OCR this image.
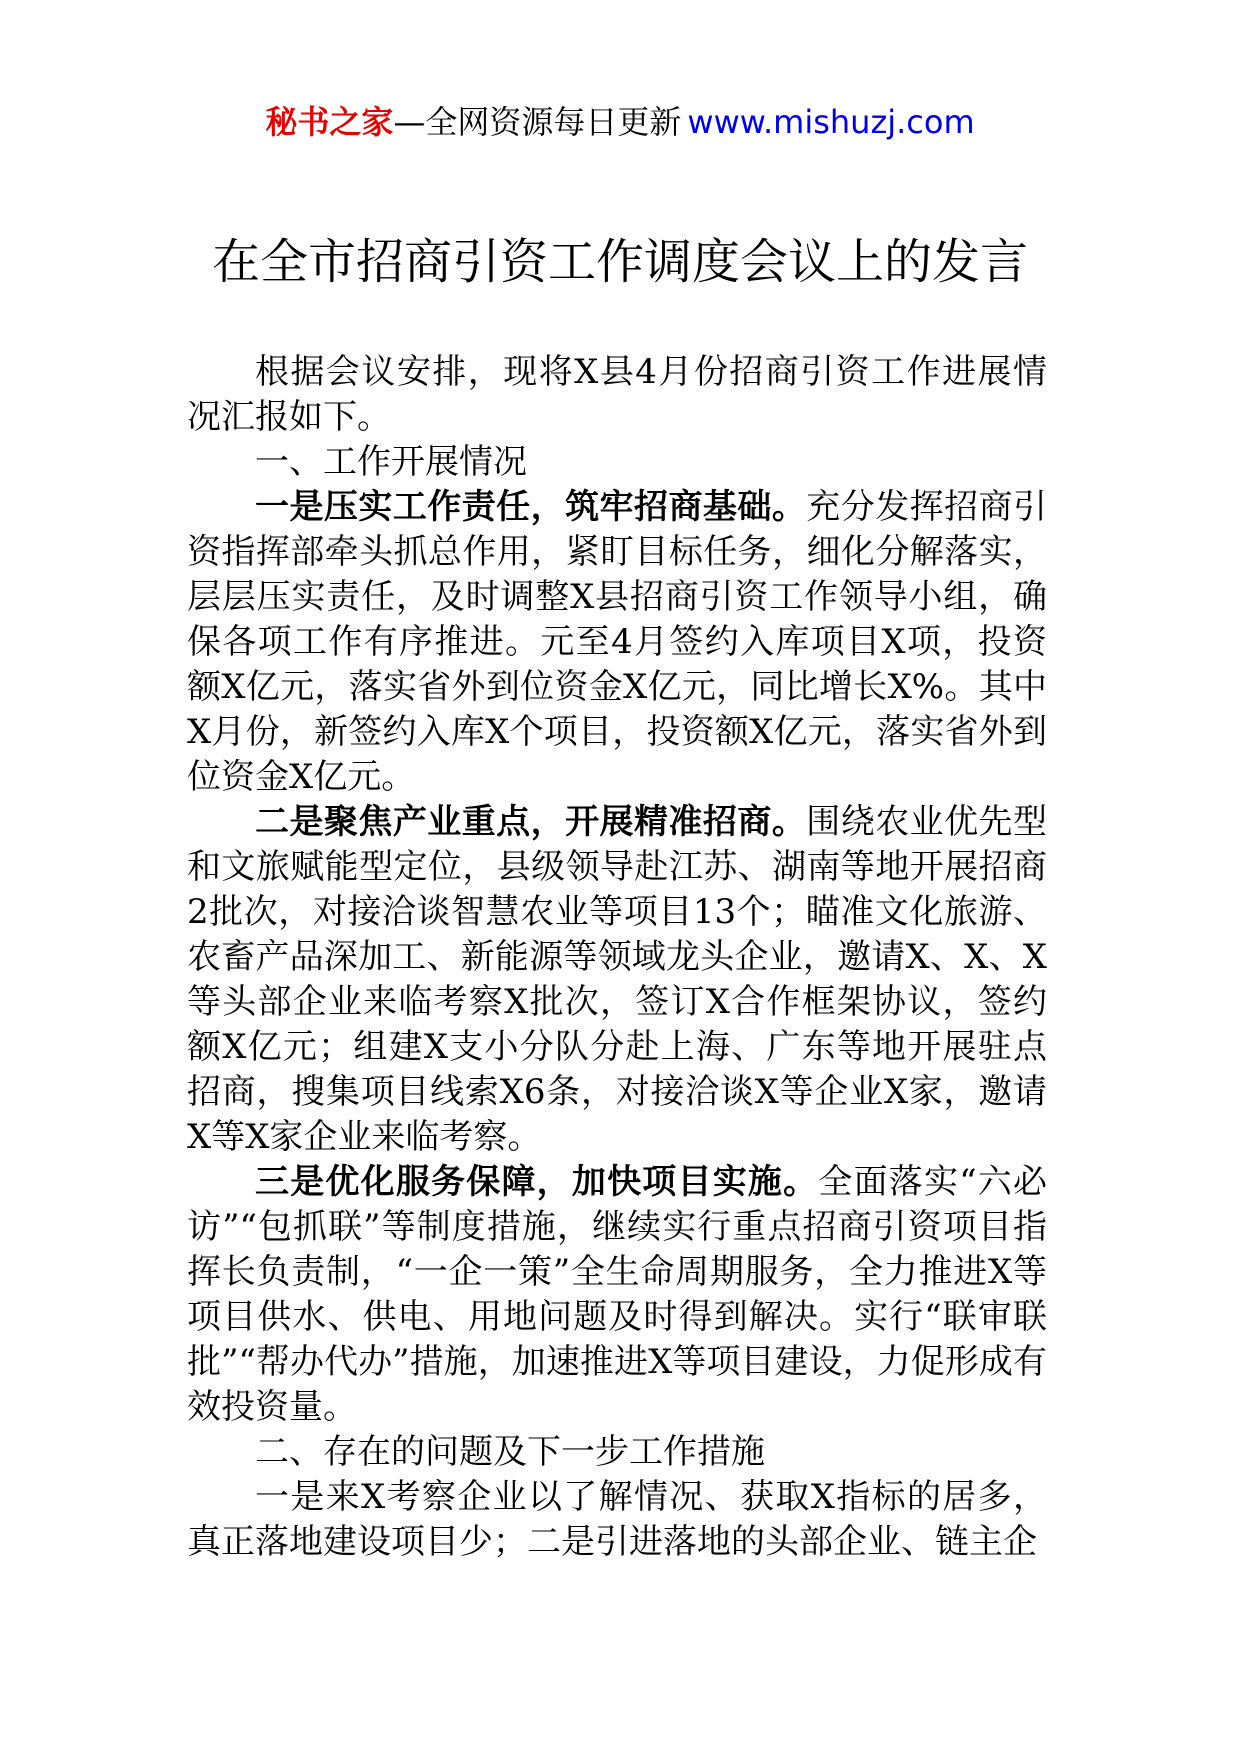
秘书之家—全网资源每日更新 www.mishuzj.com
在全市招商引资工作调度会议上的发言

根据会议安排，现将X县4月份招商引资工作进展情况汇报如下。

一、工作开展情况

一是压实工作责任，筑牢招商基础。充分发挥招商引资指挥部牵头抓总作用，紧盯目标任务，细化分解落实，层层压实责任，及时调整X县招商引资工作领导小组，确保各项工作有序推进。元至4月签约入库项目X项，投资额X亿元，落实省外到位资金X亿元，同比增长X%。其中X月份，新签约入库X个项目，投资额X亿元，落实省外到位资金X亿元。

二是聚焦产业重点，开展精准招商。围绕农业优先型和文旅赋能型定位，县级领导赴江苏、湖南等地开展招商2批次，对接洽谈智慧农业等项目13个；瞄准文化旅游、农畜产品深加工、新能源等领域龙头企业，邀请X、X、X等头部企业来临考察X批次，签订X合作框架协议，签约额X亿元；组建X支小分队分赴上海、广东等地开展驻点招商，搜集项目线索X6条，对接洽谈X等企业X家，邀请X等X家企业来临考察。

三是优化服务保障，加快项目实施。全面落实“六必访”“包抓联”等制度措施，继续实行重点招商引资项目指挥长负责制，“一企一策”全生命周期服务，全力推进X等项目供水、供电、用地问题及时得到解决。实行“联审联批”“帮办代办”措施，加速推进X等项目建设，力促形成有效投资量。

二、存在的问题及下一步工作措施

一是来X考察企业以了解情况、获取X指标的居多，真正落地建设项目少；二是引进落地的头部企业、链主企
